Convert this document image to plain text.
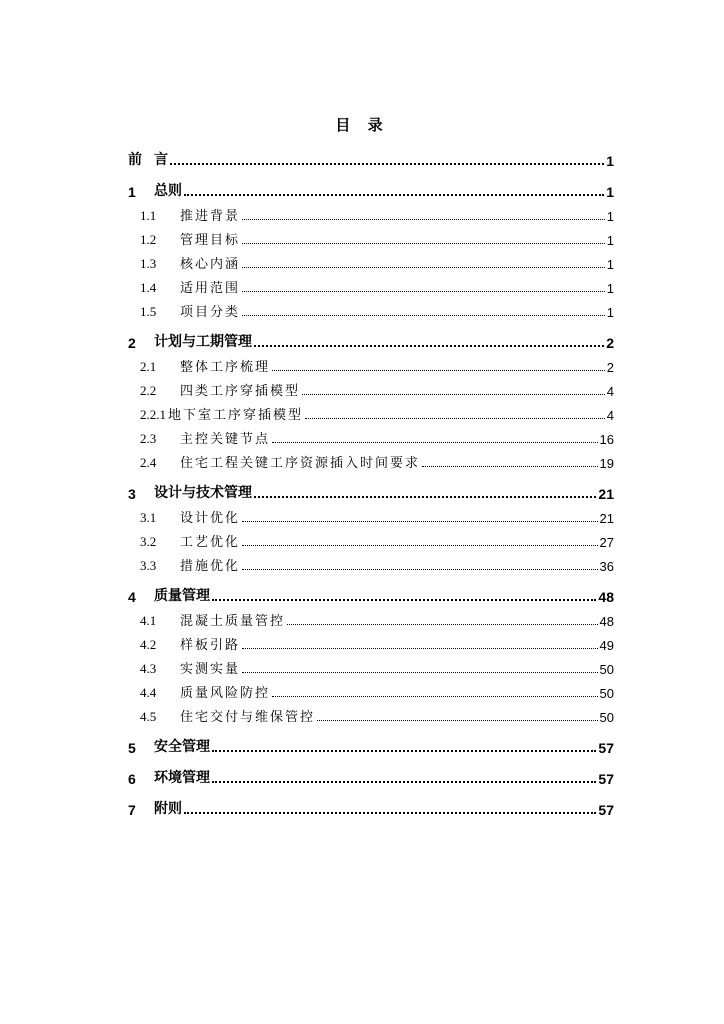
目 录
前 言	1
1	总则	1
1.1	推进背景	1
1.2	管理目标	1
1.3	核心内涵	1
1.4	适用范围	1
1.5	项目分类	1
2	计划与工期管理	2
2.1	整体工序梳理	2
2.2	四类工序穿插模型	4
2.2.1 地下室工序穿插模型	4
2.3	主控关键节点	16
2.4	住宅工程关键工序资源插入时间要求	19
3	设计与技术管理	21
3.1	设计优化	21
3.2	工艺优化	27
3.3	措施优化	36
4	质量管理	48
4.1	混凝土质量管控	48
4.2	样板引路	49
4.3	实测实量	50
4.4	质量风险防控	50
4.5	住宅交付与维保管控	50
5	安全管理	57
6	环境管理	57
7	附则	57
